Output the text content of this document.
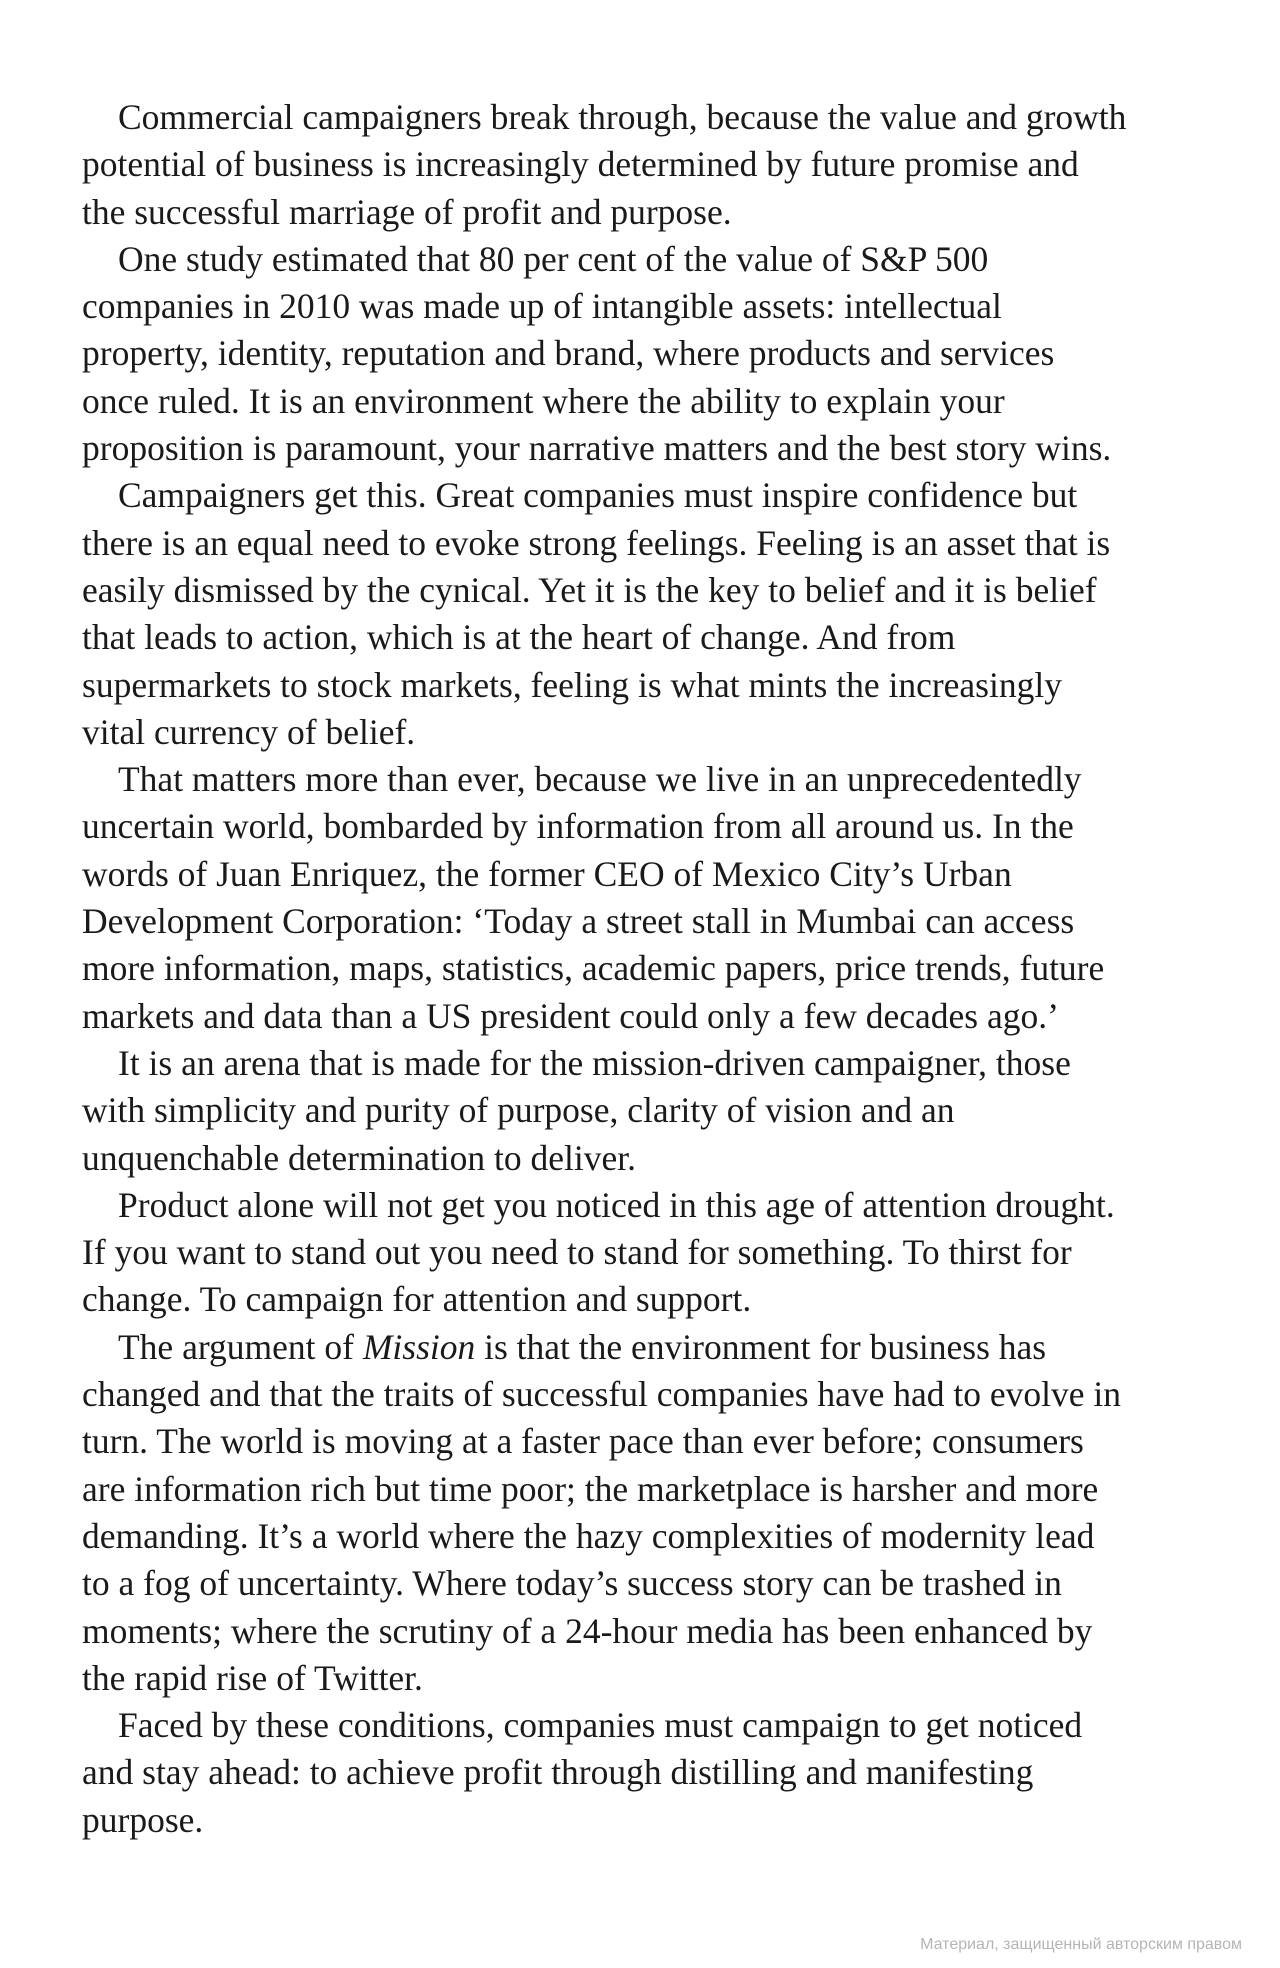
Commercial campaigners break through, because the value and growth
potential of business is increasingly determined by future promise and
the successful marriage of profit and purpose.

One study estimated that 80 per cent of the value of S&P 500
companies in 2010 was made up of intangible assets: intellectual
property, identity, reputation and brand, where products and services
once ruled. It is an environment where the ability to explain your
proposition is paramount, your narrative matters and the best story wins.

Campaigners get this. Great companies must inspire confidence but
there is an equal need to evoke strong feelings. Feeling is an asset that is
easily dismissed by the cynical. Yet it is the key to belief and it is belief
that leads to action, which is at the heart of change. And from
supermarkets to stock markets, feeling is what mints the increasingly
vital currency of belief.

That matters more than ever, because we live in an unprecedentedly
uncertain world, bombarded by information from all around us. In the
words of Juan Enriquez, the former CEO of Mexico City’s Urban
Development Corporation: ‘Today a street stall in Mumbai can access
more information, maps, statistics, academic papers, price trends, future
markets and data than a US president could only a few decades ago.’

It is an arena that is made for the mission-driven campaigner, those
with simplicity and purity of purpose, clarity of vision and an
unquenchable determination to deliver.

Product alone will not get you noticed in this age of attention drought.
If you want to stand out you need to stand for something. To thirst for
change. To campaign for attention and support.

The argument of Mission is that the environment for business has
changed and that the traits of successful companies have had to evolve in
turn. The world is moving at a faster pace than ever before; consumers
are information rich but time poor; the marketplace is harsher and more
demanding. It’s a world where the hazy complexities of modernity lead
to a fog of uncertainty. Where today’s success story can be trashed in
moments; where the scrutiny of a 24-hour media has been enhanced by
the rapid rise of Twitter.

Faced by these conditions, companies must campaign to get noticed
and stay ahead: to achieve profit through distilling and manifesting
purpose.

Материал, защищенный авторским правом
